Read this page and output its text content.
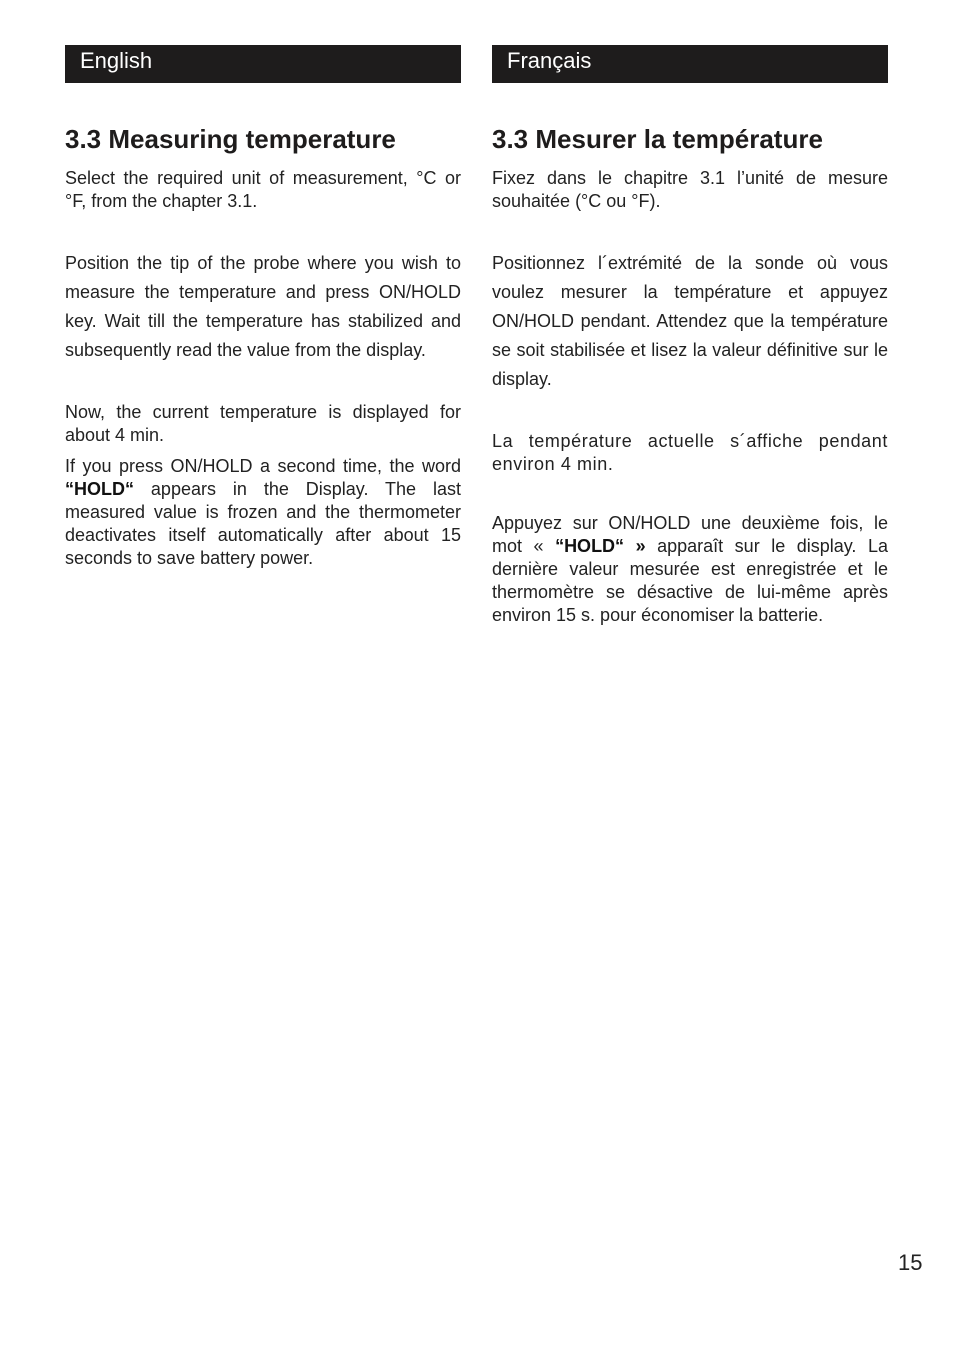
English
3.3 Measuring temperature

Select the required unit of measurement, °C or °F, from the chapter 3.1.

Position the tip of the probe where you wish to measure the temperature and press ON/HOLD key. Wait till the temperature has stabilized and subsequently read the value from the display.

Now, the current temperature is displayed for about 4 min.

If you press ON/HOLD a second time, the word “HOLD“ appears in the Display. The last measured value is frozen and the thermometer deactivates itself automatically after about 15 seconds to save battery power.

Français
3.3 Mesurer la température

Fixez dans le chapitre 3.1 l’unité de mesure souhaitée (°C ou °F).

Positionnez l´extrémité de la sonde où vous voulez mesurer la température et appuyez ON/HOLD pendant. Attendez que la température se soit stabilisée et lisez la valeur définitive sur le display.

La température actuelle s´affiche pendant environ 4 min.

Appuyez sur ON/HOLD une deuxième fois, le mot « “HOLD“ » apparaît sur le display. La dernière valeur mesurée est enregistrée et le thermomètre se désactive de lui-même après environ 15 s. pour économiser la batterie.

15
